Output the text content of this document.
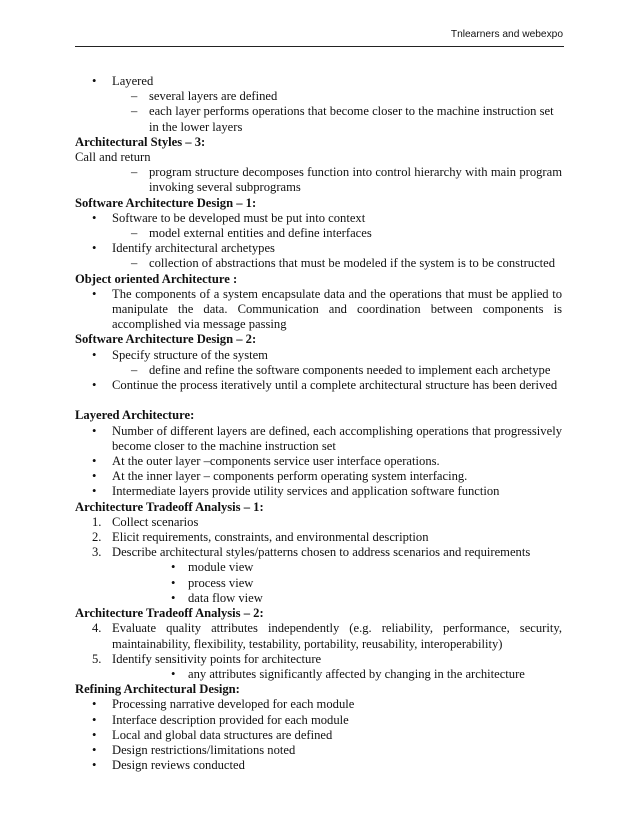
Tnlearners and webexpo
• Layered
– several layers are defined
– each layer performs operations that become closer to the machine instruction set
in the lower layers
Architectural Styles – 3:
Call and return
– program structure decomposes function into control hierarchy with main program
invoking several subprograms
Software Architecture Design – 1:
• Software to be developed must be put into context
– model external entities and define interfaces
• Identify architectural archetypes
– collection of abstractions that must be modeled if the system is to be constructed
Object oriented Architecture :
• The components of a system encapsulate data and the operations that must be applied to
manipulate the data. Communication and coordination between components is
accomplished via message passing
Software Architecture Design – 2:
• Specify structure of the system
– define and refine the software components needed to implement each archetype
• Continue the process iteratively until a complete architectural structure has been derived
Layered Architecture:
• Number of different layers are defined, each accomplishing operations that progressively
become closer to the machine instruction set
• At the outer layer –components service user interface operations.
• At the inner layer – components perform operating system interfacing.
• Intermediate layers provide utility services and application software function
Architecture Tradeoff Analysis – 1:
1. Collect scenarios
2. Elicit requirements, constraints, and environmental description
3. Describe architectural styles/patterns chosen to address scenarios and requirements
• module view
• process view
• data flow view
Architecture Tradeoff Analysis – 2:
4. Evaluate quality attributes independently (e.g. reliability, performance, security,
maintainability, flexibility, testability, portability, reusability, interoperability)
5. Identify sensitivity points for architecture
• any attributes significantly affected by changing in the architecture
Refining Architectural Design:
• Processing narrative developed for each module
• Interface description provided for each module
• Local and global data structures are defined
• Design restrictions/limitations noted
• Design reviews conducted
